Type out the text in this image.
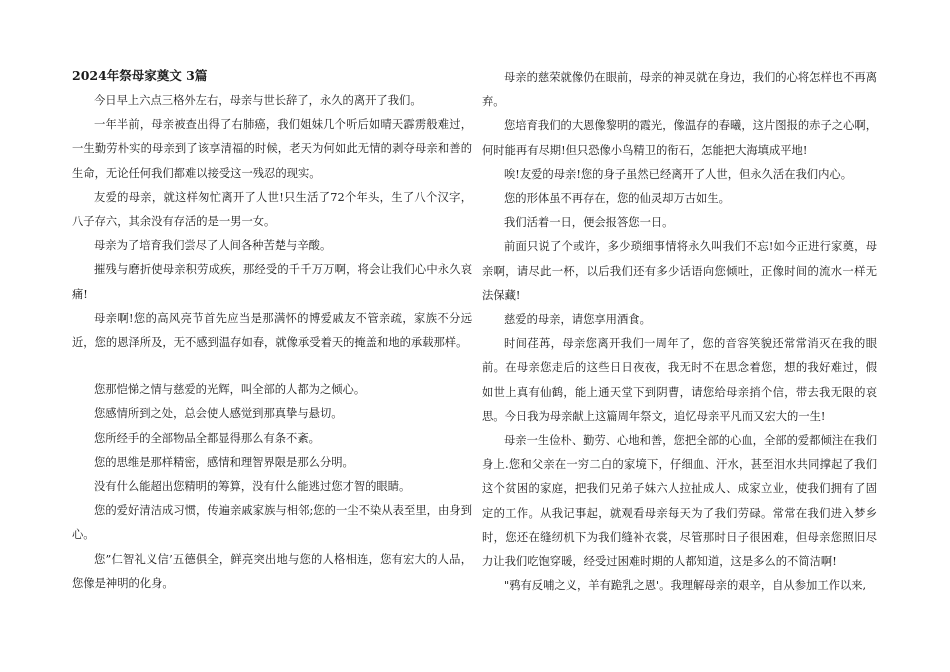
2024年祭母家奠文 3篇

今日早上六点三格外左右，母亲与世长辞了，永久的离开了我们。

一年半前，母亲被查出得了右肺癌，我们姐妹几个听后如晴天霹雳般难过，一生勤劳朴实的母亲到了该享清福的时候，老天为何如此无情的剥夺母亲和善的生命，无论任何我们都难以接受这一残忍的现实。

友爱的母亲，就这样匆忙离开了人世!只生活了72个年头，生了八个汉字，八子存六，其余没有存活的是一男一女。

母亲为了培育我们尝尽了人间各种苦楚与辛酸。

摧残与磨折使母亲积劳成疾，那经受的千千万万啊，将会让我们心中永久哀痛!

母亲啊!您的高风亮节首先应当是那满怀的博爱戚友不管亲疏，家族不分远近，您的恩泽所及，无不感到温存如春，就像承受着天的掩盖和地的承载那样。

您那恺悌之情与慈爱的光辉，叫全部的人都为之倾心。

您感情所到之处，总会使人感觉到那真挚与悬切。

您所经手的全部物品全都显得那么有条不紊。

您的思维是那样精密，感情和理智界限是那么分明。

没有什么能超出您精明的筹算，没有什么能逃过您才智的眼睛。

您的爱好清洁成习惯，传遍亲戚家族与相邻;您的一尘不染从表至里，由身到心。

您”仁智礼义信’五德俱全，鲜亮突出地与您的人格相连，您有宏大的人品，您像是神明的化身。

母亲的慈荣就像仍在眼前，母亲的神灵就在身边，我们的心将怎样也不再离弃。

您培育我们的大恩像黎明的霞光，像温存的春曦，这片图报的赤子之心啊，何时能再有尽期!但只恐像小鸟精卫的衔石，怎能把大海填成平地!

唉!友爱的母亲!您的身子虽然已经离开了人世，但永久活在我们内心。

您的形体虽不再存在，您的仙灵却万古如生。

我们活着一日，便会报答您一日。

前面只说了个或许，多少琐细事情将永久叫我们不忘!如今正进行家奠，母亲啊，请尽此一杯，以后我们还有多少话语向您倾吐，正像时间的流水一样无法保藏!

慈爱的母亲，请您享用酒食。

时间荏苒，母亲您离开我们一周年了，您的音容笑貌还常常消灭在我的眼前。在母亲您走后的这些日日夜夜，我无时不在思念着您，想的我好难过，假如世上真有仙鹤，能上通天堂下到阴曹，请您给母亲捎个信，带去我无限的哀思。今日我为母亲献上这篇周年祭文，追忆母亲平凡而又宏大的一生!

母亲一生俭朴、勤劳、心地和善，您把全部的心血，全部的爱都倾注在我们身上.您和父亲在一穷二白的家境下，仔细血、汗水，甚至泪水共同撑起了我们这个贫困的家庭，把我们兄弟子妹六人拉扯成人、成家立业，使我们拥有了固定的工作。从我记事起，就观看母亲每天为了我们劳碌。常常在我们进入梦乡时，您还在缝纫机下为我们缝补衣裳，尽管那时日子很困难，但母亲您照旧尽力让我们吃饱穿暖，经受过困难时期的人都知道，这是多么的不简洁啊!

"鸦有反哺之义，羊有跪乳之恩'。我理解母亲的艰辛，自从参加工作以来,
